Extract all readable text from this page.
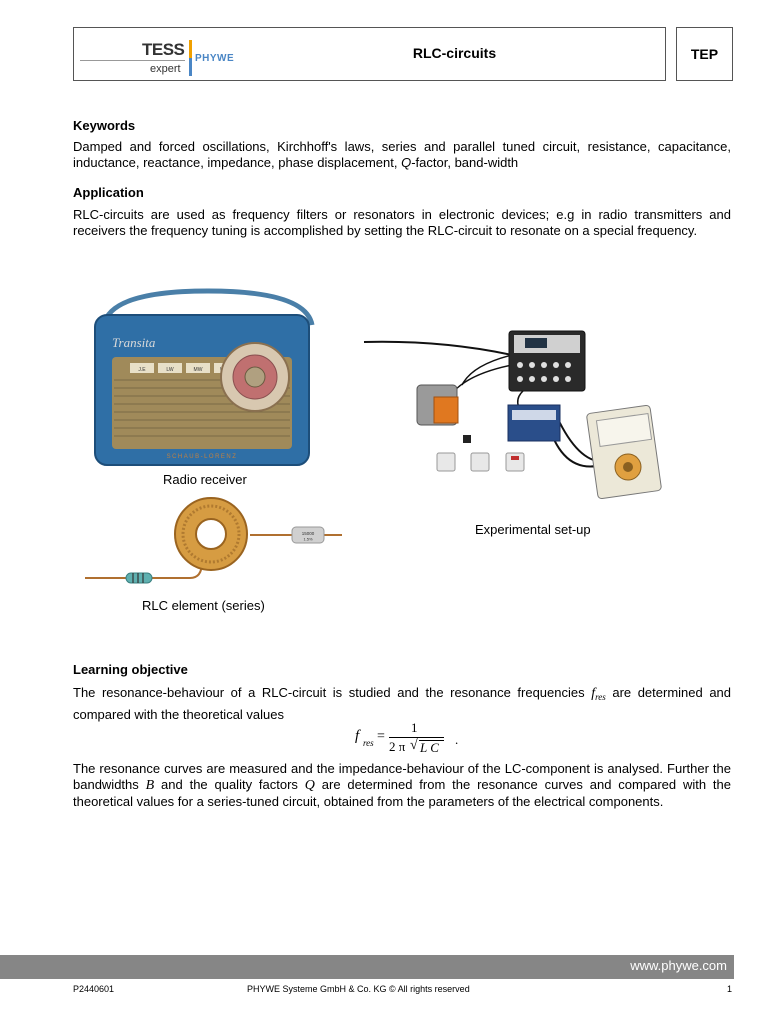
TESS
expert
PHYWE	RLC-circuits	TEP
Keywords

Damped and forced oscillations, Kirchhoff's laws, series and parallel tuned circuit, resistance, capacitance, inductance, reactance, impedance, phase displacement, Q-factor, band-width

Application

RLC-circuits are used as frequency filters or resonators in electronic devices; e.g in radio transmitters and receivers the frequency tuning is accomplished by setting the RLC-circuit to resonate on a special frequency.

Transita
J.E	LW	MW
SCHAUB-LORENZ
Radio receiver
15000
1.5%
RLC element (series)
Experimental set-up
Learning objective

The resonance-behaviour of a RLC-circuit is studied and the resonance frequencies $f_{res}$ are determined and compared with the theoretical values

f res =
1
2 π √ L C
.

The resonance curves are measured and the impedance-behaviour of the LC-component is analysed. Further the bandwidths B and the quality factors Q are determined from the resonance curves and compared with the theoretical values for a series-tuned circuit, obtained from the parameters of the electrical components.

www.phywe.com
P2440601	PHYWE Systeme GmbH & Co. KG © All rights reserved	1
